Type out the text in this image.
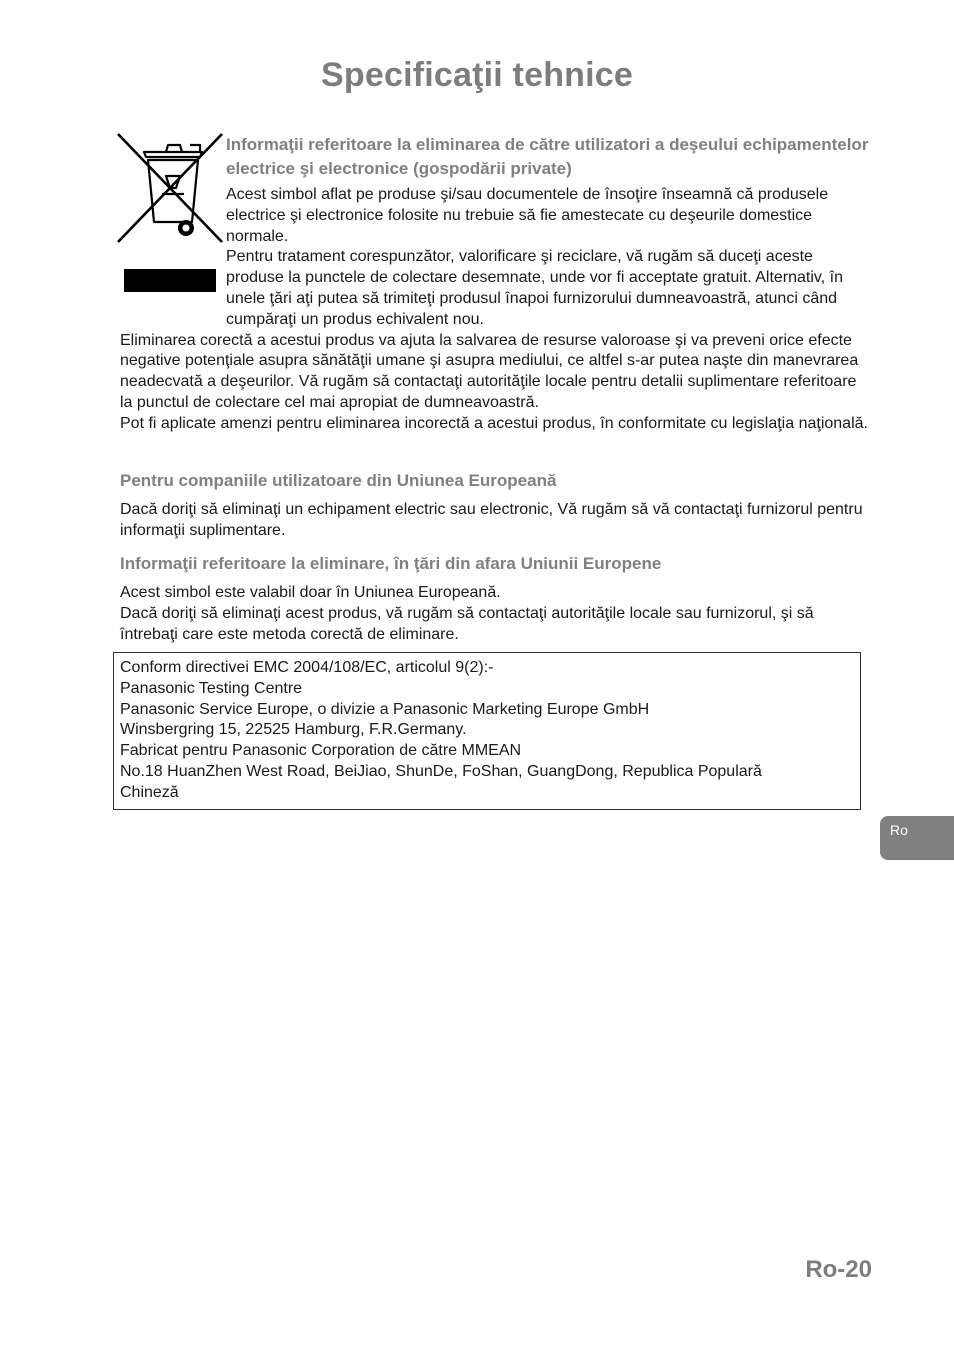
Specificaţii tehnice

Informaţii referitoare la eliminarea de către utilizatori a deşeului echipamentelor electrice şi electronice (gospodării private)

Acest simbol aflat pe produse şi/sau documentele de însoţire înseamnă că produsele electrice şi electronice folosite nu trebuie să fie amestecate cu deşeurile domestice normale.

Pentru tratament corespunzător, valorificare şi reciclare, vă rugăm să duceţi aceste produse la punctele de colectare desemnate, unde vor fi acceptate gratuit. Alternativ, în unele ţări aţi putea să trimiteţi produsul înapoi furnizorului dumneavoastră, atunci când cumpăraţi un produs echivalent nou.

Eliminarea corectă a acestui produs va ajuta la salvarea de resurse valoroase şi va preveni orice efecte negative potenţiale asupra sănătăţii umane şi asupra mediului, ce altfel s-ar putea naşte din manevrarea neadecvată a deşeurilor. Vă rugăm să contactaţi autorităţile locale pentru detalii suplimentare referitoare la punctul de colectare cel mai apropiat de dumneavoastră.

Pot fi aplicate amenzi pentru eliminarea incorectă a acestui produs, în conformitate cu legislaţia naţională.

Pentru companiile utilizatoare din Uniunea Europeană
Dacă doriţi să eliminaţi un echipament electric sau electronic, Vă rugăm să vă contactaţi furnizorul pentru informaţii suplimentare.
Informaţii referitoare la eliminare, în ţări din afara Uniunii Europene
Acest simbol este valabil doar în Uniunea Europeană.
Dacă doriţi să eliminaţi acest produs, vă rugăm să contactaţi autorităţile locale sau furnizorul, şi să întrebaţi care este metoda corectă de eliminare.
Conform directivei EMC 2004/108/EC, articolul 9(2):-
Panasonic Testing Centre
Panasonic Service Europe, o divizie a Panasonic Marketing Europe GmbH
Winsbergring 15, 22525 Hamburg, F.R.Germany.
Fabricat pentru Panasonic Corporation de către MMEAN
No.18 HuanZhen West Road, BeiJiao, ShunDe, FoShan, GuangDong, Republica Populară
Chineză
Ro
Ro-20
